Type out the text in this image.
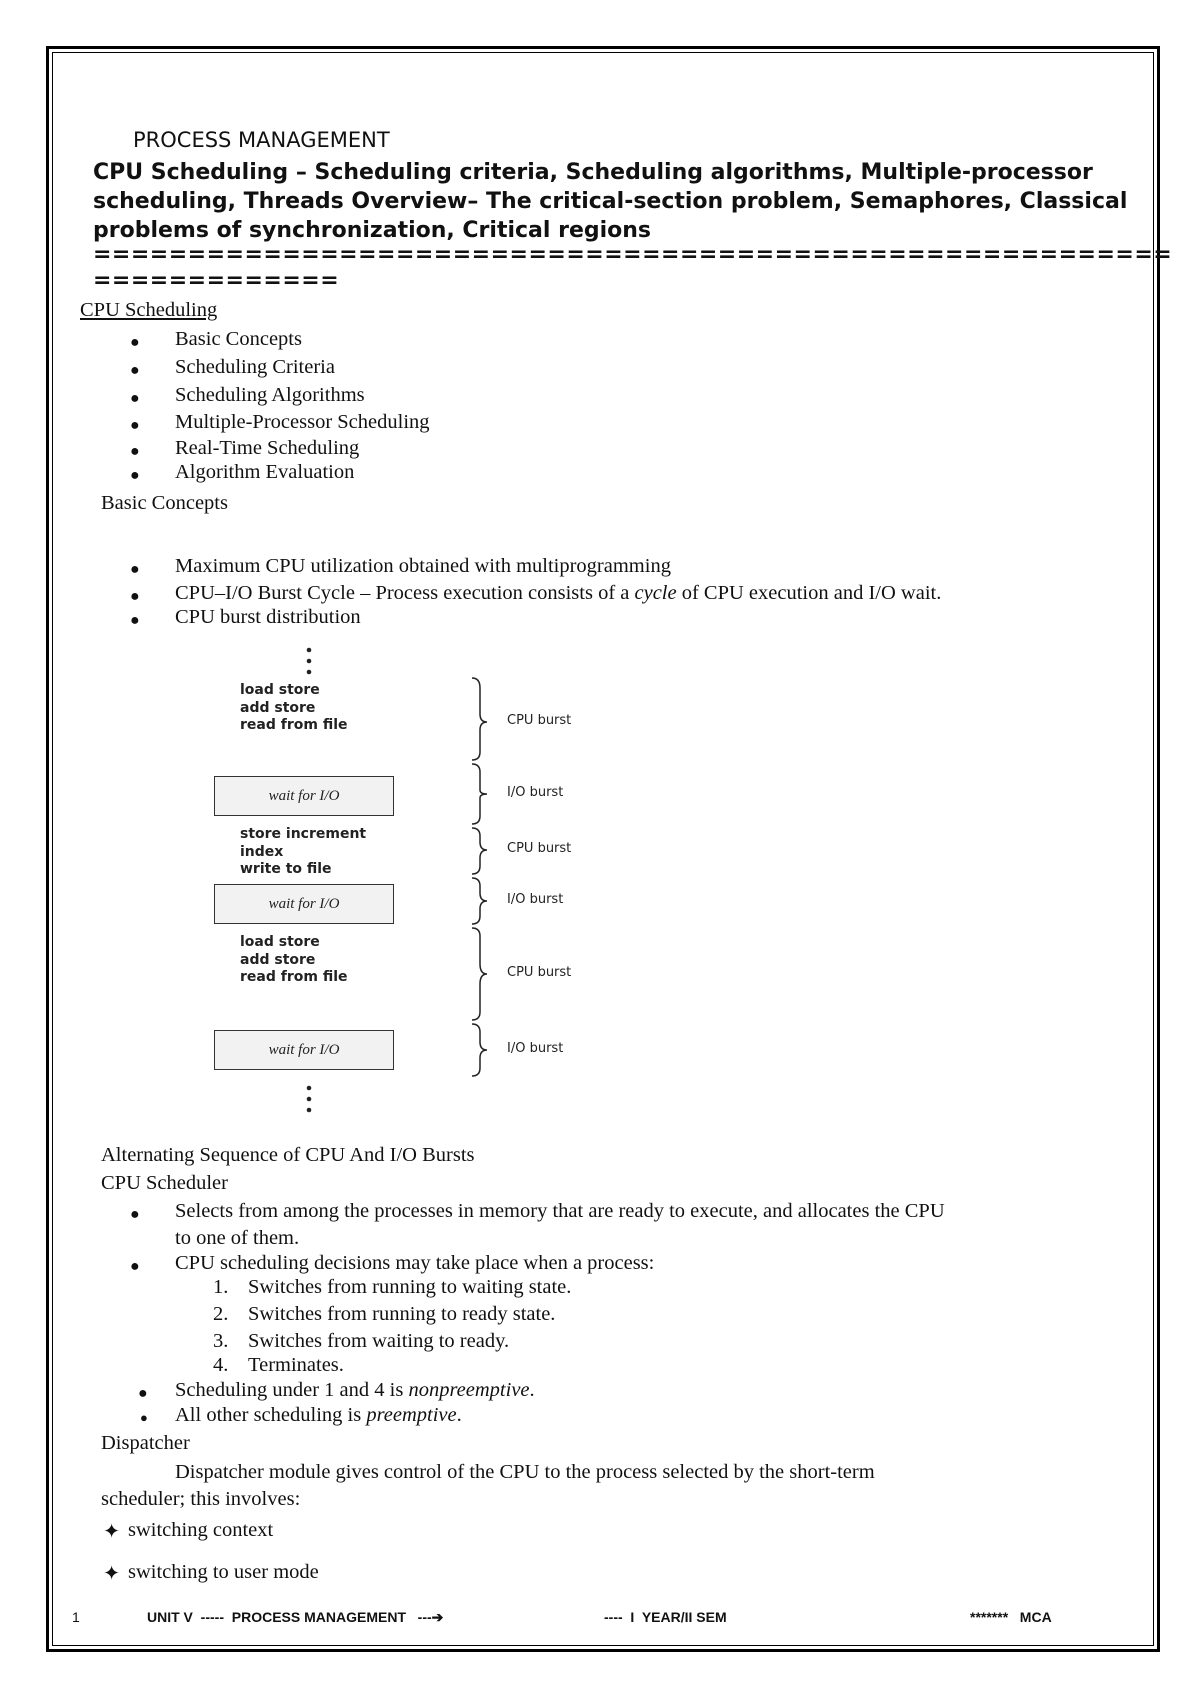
PROCESS MANAGEMENT
CPU Scheduling – Scheduling criteria, Scheduling algorithms, Multiple-processor scheduling, Threads Overview– The critical-section problem, Semaphores, Classical problems of synchronization, Critical regions
=========================================================
=============
CPU Scheduling
● Basic Concepts
● Scheduling Criteria
● Scheduling Algorithms
● Multiple-Processor Scheduling
● Real-Time Scheduling
● Algorithm Evaluation
Basic Concepts
● Maximum CPU utilization obtained with multiprogramming
● CPU–I/O Burst Cycle – Process execution consists of a cycle of CPU execution and I/O wait.
● CPU burst distribution
load store
add store
read from file
wait for I/O
store increment
index
write to file
wait for I/O
load store
add store
read from file
wait for I/O
CPU burst
I/O burst
CPU burst
I/O burst
CPU burst
I/O burst
Alternating Sequence of CPU And I/O Bursts
CPU Scheduler
● Selects from among the processes in memory that are ready to execute, and allocates the CPU
to one of them.
● CPU scheduling decisions may take place when a process:
1. Switches from running to waiting state.
2. Switches from running to ready state.
3. Switches from waiting to ready.
4. Terminates.
● Scheduling under 1 and 4 is nonpreemptive.
● All other scheduling is preemptive.
Dispatcher
Dispatcher module gives control of the CPU to the process selected by the short-term
scheduler; this involves:
✦ switching context
✦ switching to user mode
1	UNIT V  -----  PROCESS MANAGEMENT   ---➔	----  I  YEAR/II SEM	*******   MCA
